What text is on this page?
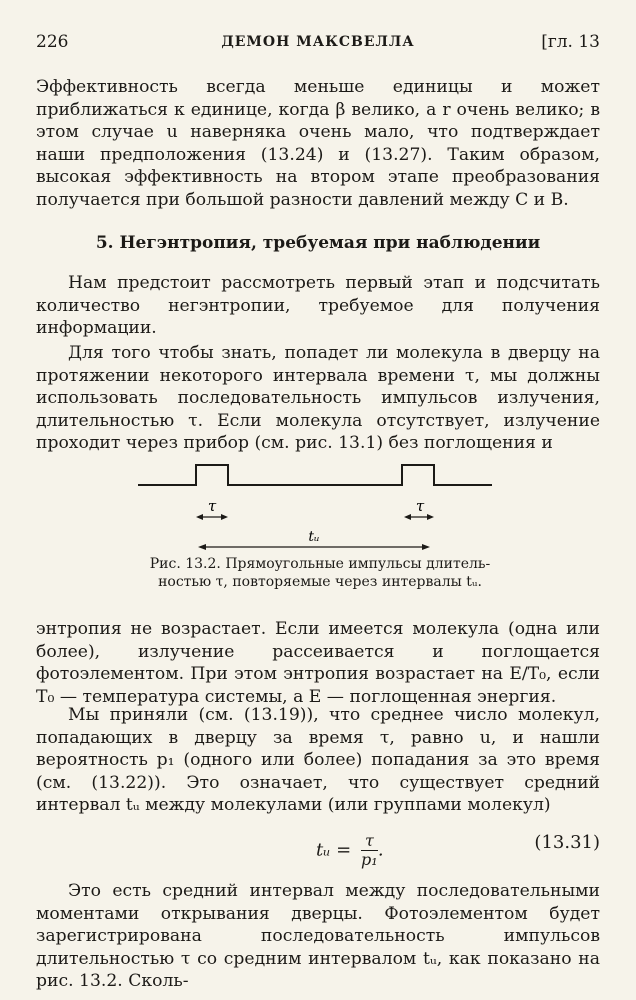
226	ДЕМОН МАКСВЕЛЛА	[гл. 13

Эффективность всегда меньше единицы и может приближаться к единице, когда β велико, а r очень велико; в этом случае u наверняка очень мало, что подтверждает наши предположения (13.24) и (13.27). Таким образом, высокая эффективность на втором этапе преобразования получается при большой разности давлений между C и B.

5. Негэнтропия, требуемая при наблюдении

Нам предстоит рассмотреть первый этап и подсчитать количество негэнтропии, требуемое для получения информации.

Для того чтобы знать, попадет ли молекула в дверцу на протяжении некоторого интервала времени τ, мы должны использовать последовательность импульсов излучения, длительностью τ. Если молекула отсутствует, излучение проходит через прибор (см. рис. 13.1) без поглощения и

τ	τ
tᵤ
Рис. 13.2. Прямоугольные импульсы длитель-
ностью τ, повторяемые через интервалы tᵤ.

энтропия не возрастает. Если имеется молекула (одна или более), излучение рассеивается и поглощается фотоэлементом. При этом энтропия возрастает на E/T₀, если T₀ — температура системы, а E — поглощенная энергия.

Мы приняли (см. (13.19)), что среднее число молекул, попадающих в дверцу за время τ, равно u, и нашли вероятность p₁ (одного или более) попадания за это время (см. (13.22)). Это означает, что существует средний интервал tᵤ между молекулами (или группами молекул)

tᵤ = $\frac{\tau}{\text{p₁}}$ .	(13.31)

Это есть средний интервал между последовательными моментами открывания дверцы. Фотоэлементом будет зарегистрирована последовательность импульсов длительностью τ со средним интервалом tᵤ, как показано на рис. 13.2. Сколь-
